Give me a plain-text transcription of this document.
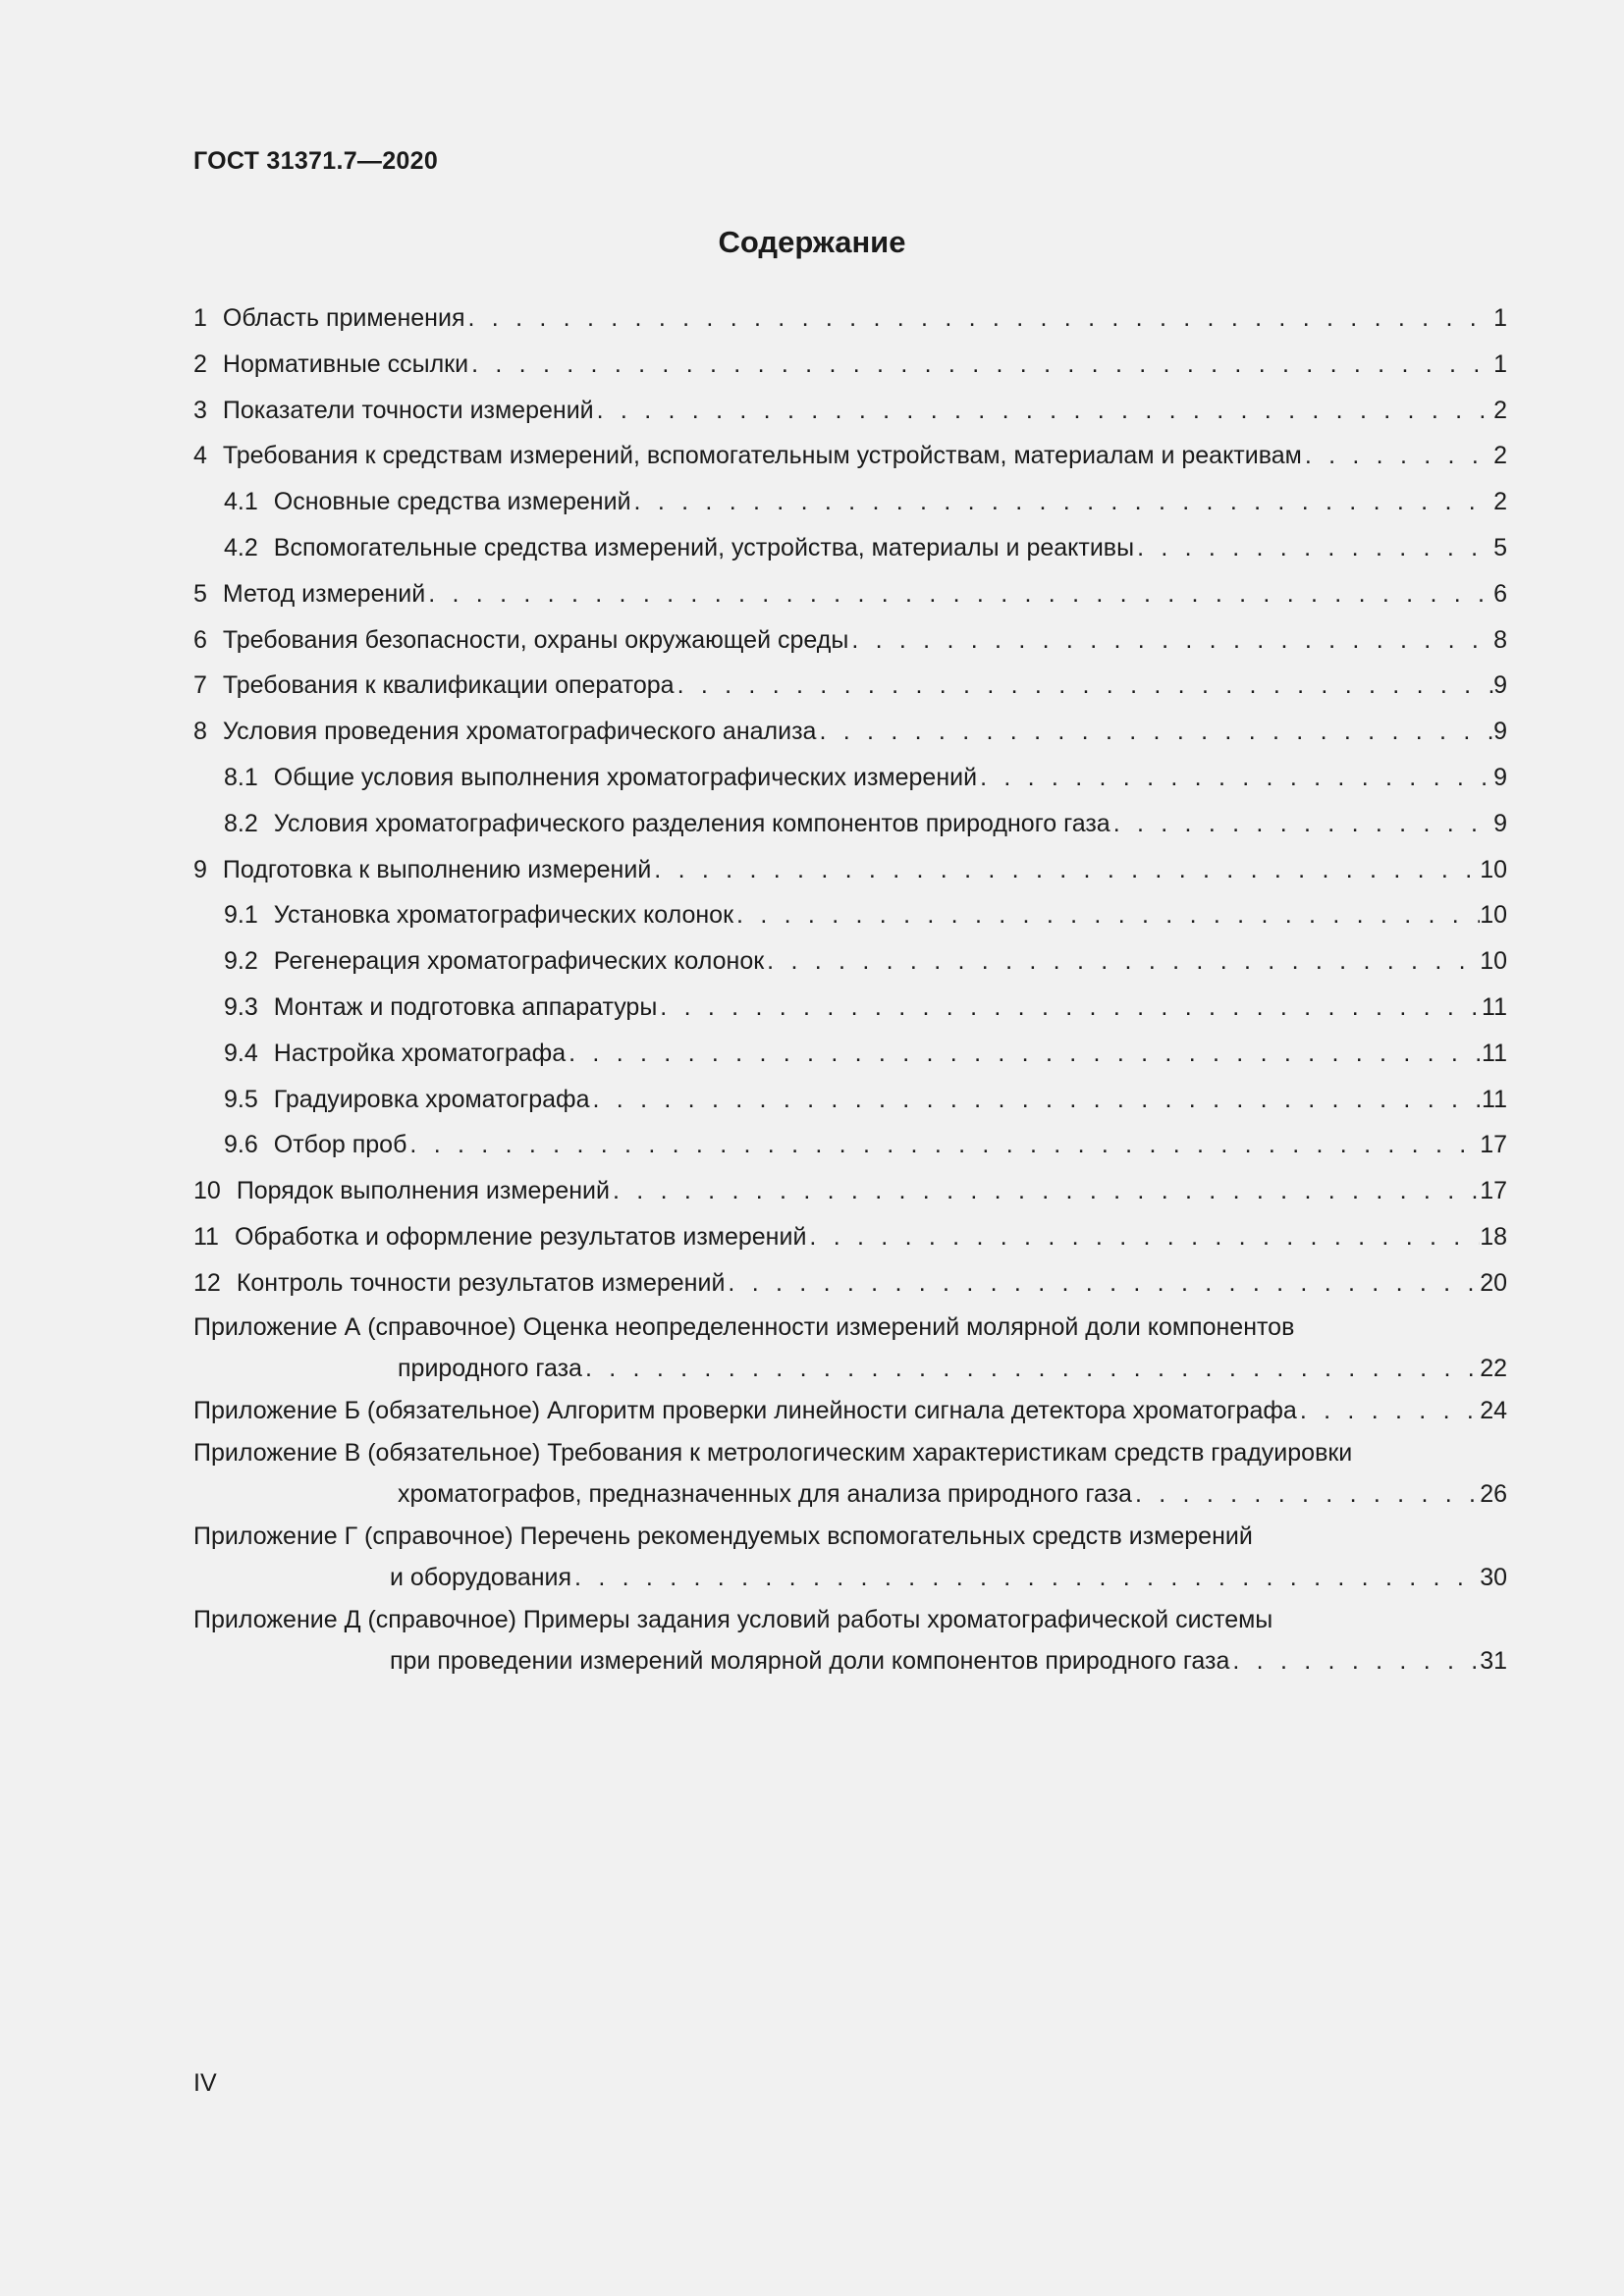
ГОСТ 31371.7—2020
Содержание
1 Область применения . . .	1
2 Нормативные ссылки . . .	1
3 Показатели точности измерений . . .	2
4 Требования к средствам измерений, вспомогательным устройствам, материалам и реактивам . . .	2
4.1 Основные средства измерений . . .	2
4.2 Вспомогательные средства измерений, устройства, материалы и реактивы . . .	5
5 Метод измерений . . .	6
6 Требования безопасности, охраны окружающей среды . . .	8
7 Требования к квалификации оператора . . .	9
8 Условия проведения хроматографического анализа . . .	9
8.1 Общие условия выполнения хроматографических измерений . . .	9
8.2 Условия хроматографического разделения компонентов природного газа . . .	9
9 Подготовка к выполнению измерений . . .	10
9.1 Установка хроматографических колонок . . .	10
9.2 Регенерация хроматографических колонок . . .	10
9.3 Монтаж и подготовка аппаратуры . . .	11
9.4 Настройка хроматографа . . .	11
9.5 Градуировка хроматографа . . .	11
9.6 Отбор проб . . .	17
10 Порядок выполнения измерений . . .	17
11 Обработка и оформление результатов измерений . . .	18
12 Контроль точности результатов измерений . . .	20
Приложение А (справочное) Оценка неопределенности измерений молярной доли компонентов
природного газа . . .	22
Приложение Б (обязательное) Алгоритм проверки линейности сигнала детектора хроматографа . . .	24
Приложение В (обязательное) Требования к метрологическим характеристикам средств градуировки
хроматографов, предназначенных для анализа природного газа . . .	26
Приложение Г (справочное) Перечень рекомендуемых вспомогательных средств измерений
и оборудования . . .	30
Приложение Д (справочное) Примеры задания условий работы хроматографической системы
при проведении измерений молярной доли компонентов природного газа . . .	31
IV
